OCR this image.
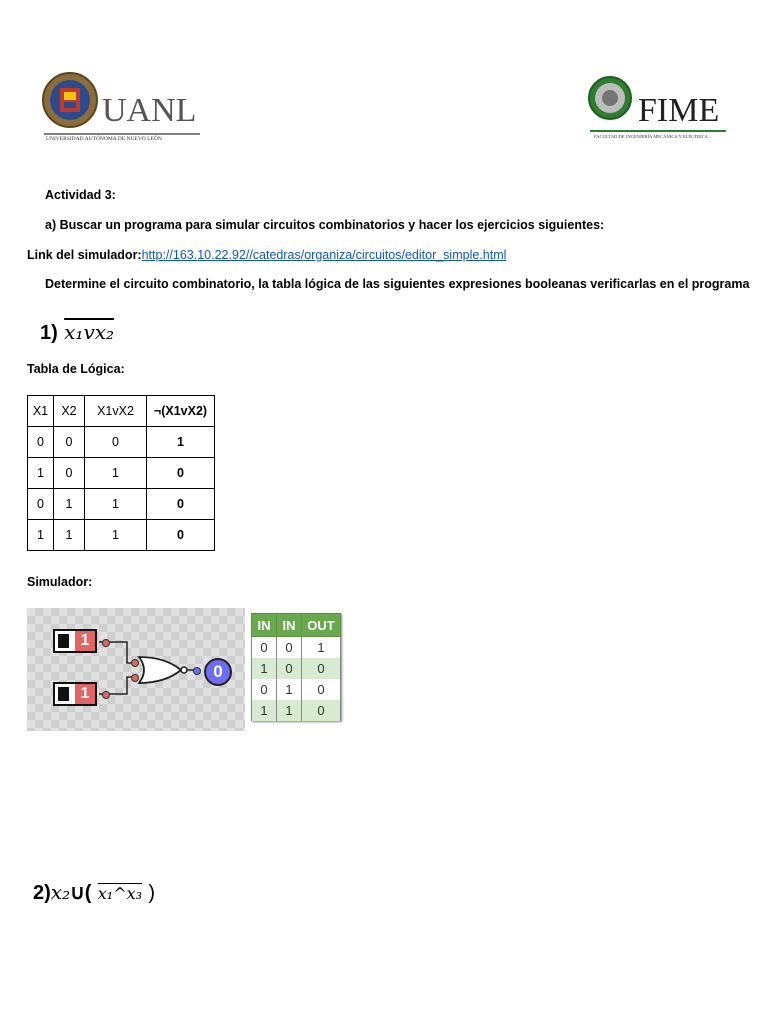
UANL
UNIVERSIDAD AUTÓNOMA DE NUEVO LEÓN
FIME
FACULTAD DE INGENIERÍA MECÁNICA Y ELÉCTRICA
Actividad 3:
a) Buscar un programa para simular circuitos combinatorios y hacer los ejercicios siguientes:
Link del simulador:http://163.10.22.92//catedras/organiza/circuitos/editor_simple.html
Determine el circuito combinatorio, la tabla lógica de las siguientes expresiones booleanas verificarlas en el programa
1) x₁vx₂
Tabla de Lógica:
X1	X2	X1vX2	¬(X1vX2)
0	0	0	1
1	0	1	0
0	1	1	0
1	1	1	0
Simulador:
1
1
0
IN	IN	OUT
0	0	1
1	0	0
0	1	0
1	1	0
2)x₂∪( x₁^x₃ )
